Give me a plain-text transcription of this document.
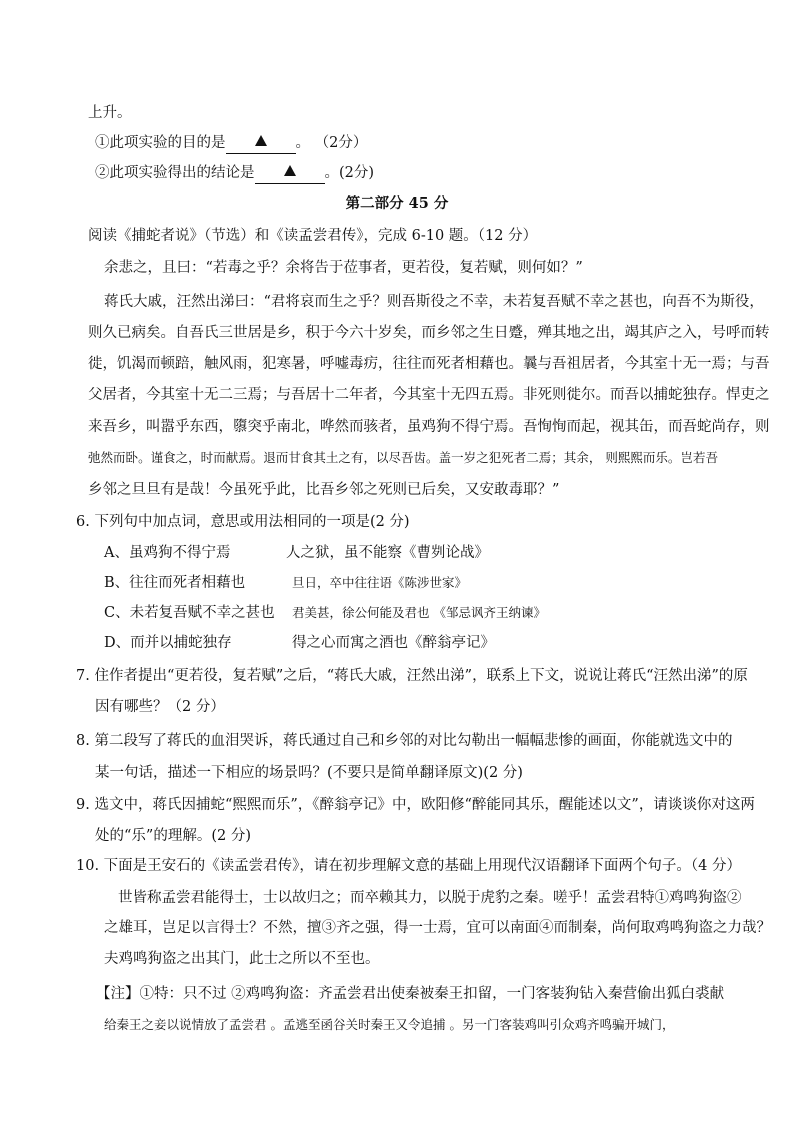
上升。
①此项实验的目的是	。 （2分）
②此项实验得出的结论是	。(2分)
第二部分 45 分
阅读《捕蛇者说》（节选）和《读孟尝君传》，完成 6-10 题。（12 分）
余悲之，且曰：“若毒之乎？余将告于莅事者，更若役，复若赋，则何如？”
蒋氏大戚，汪然出涕曰：“君将哀而生之乎？则吾斯役之不幸，未若复吾赋不幸之甚也，向吾不为斯役，
则久已病矣。自吾氏三世居是乡，积于今六十岁矣，而乡邻之生日蹙，殚其地之出，竭其庐之入，号呼而转
徙，饥渴而顿踣，触风雨，犯寒暑，呼嘘毒疠，往往而死者相藉也。曩与吾祖居者，今其室十无一焉；与吾
父居者，今其室十无二三焉；与吾居十二年者，今其室十无四五焉。非死则徙尔。而吾以捕蛇独存。悍吏之
来吾乡，叫嚣乎东西，隳突乎南北，哗然而骇者，虽鸡狗不得宁焉。吾恂恂而起，视其缶，而吾蛇尚存，则
弛然而卧。谨食之，时而献焉。退而甘食其土之有，以尽吾齿。盖一岁之犯死者二焉；其余， 则熙熙而乐。岂若吾
乡邻之旦旦有是哉！今虽死乎此，比吾乡邻之死则已后矣，又安敢毒耶？”
6. 下列句中加点词，意思或用法相同的一项是(2 分)
A、虽鸡狗不得宁焉	人之狱，虽不能察《曹刿论战》
B、往往而死者相藉也	旦日，卒中往往语《陈涉世家》
C、未若复吾赋不幸之甚也 君美甚，徐公何能及君也 《邹忌讽齐王纳谏》
D、而并以捕蛇独存	得之心而寓之酒也《醉翁亭记》
7. 住作者提出“更若役，复若赋”之后，“蒋氏大戚，汪然出涕”，联系上下文，说说让蒋氏“汪然出涕”的原
因有哪些？（2 分）
8. 第二段写了蒋氏的血泪哭诉，蒋氏通过自己和乡邻的对比勾勒出一幅幅悲惨的画面，你能就选文中的
某一句话，描述一下相应的场景吗？(不要只是简单翻译原文)(2 分)
9. 选文中，蒋氏因捕蛇“熙熙而乐”，《醉翁亭记》中，欧阳修“醉能同其乐，醒能述以文”，请谈谈你对这两
处的“乐”的理解。(2 分)
10. 下面是王安石的《读孟尝君传》，请在初步理解文意的基础上用现代汉语翻译下面两个句子。（4 分）
世皆称孟尝君能得士，士以故归之；而卒赖其力，以脱于虎豹之秦。嗟乎！孟尝君特①鸡鸣狗盗②
之雄耳，岂足以言得士？不然，擅③齐之强，得一士焉，宜可以南面④而制秦，尚何取鸡鸣狗盗之力哉？
夫鸡鸣狗盗之出其门，此士之所以不至也。
【注】①特：只不过 ②鸡鸣狗盗：齐孟尝君出使秦被秦王扣留，一门客装狗钻入秦营偷出狐白裘献
给秦王之妾以说情放了孟尝君 。孟逃至函谷关时秦王又令追捕 。另一门客装鸡叫引众鸡齐鸣骗开城门，
